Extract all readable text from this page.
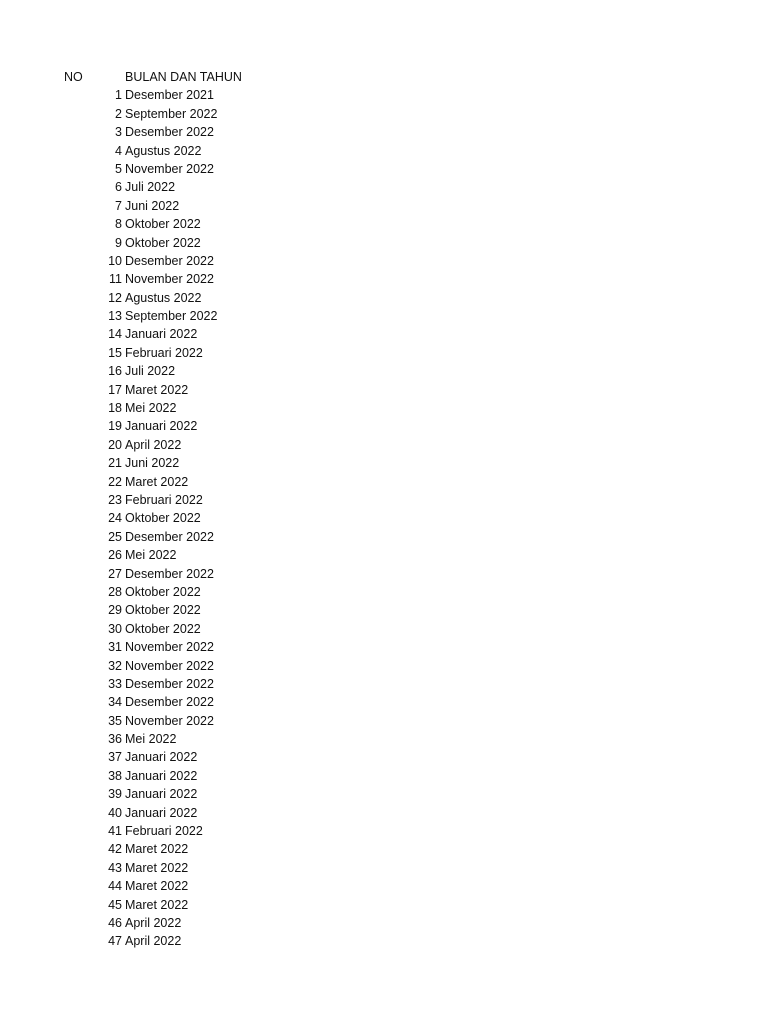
NO	BULAN DAN TAHUN
1 Desember 2021
2 September 2022
3 Desember 2022
4 Agustus 2022
5 November 2022
6 Juli 2022
7 Juni 2022
8 Oktober 2022
9 Oktober 2022
10 Desember 2022
11 November 2022
12 Agustus 2022
13 September 2022
14 Januari 2022
15 Februari 2022
16 Juli 2022
17 Maret 2022
18 Mei 2022
19 Januari 2022
20 April 2022
21 Juni 2022
22 Maret 2022
23 Februari 2022
24 Oktober 2022
25 Desember 2022
26 Mei 2022
27 Desember 2022
28 Oktober 2022
29 Oktober 2022
30 Oktober 2022
31 November 2022
32 November 2022
33 Desember 2022
34 Desember 2022
35 November 2022
36 Mei 2022
37 Januari 2022
38 Januari 2022
39 Januari 2022
40 Januari 2022
41 Februari 2022
42 Maret 2022
43 Maret 2022
44 Maret 2022
45 Maret 2022
46 April 2022
47 April 2022
